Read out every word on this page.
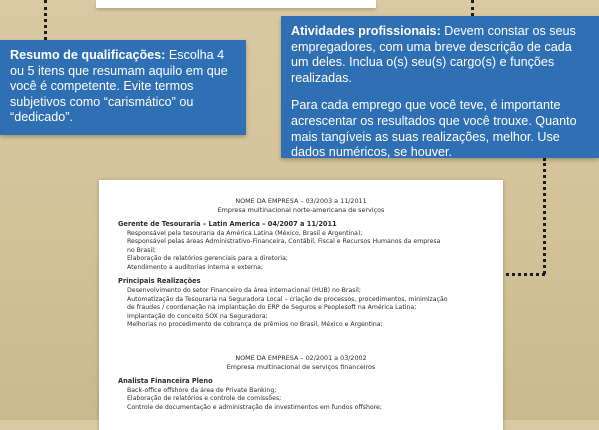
Resumo de qualificações: Escolha 4 ou 5 itens que resumam aquilo em que você é competente. Evite termos subjetivos como “carismático” ou “dedicado”.

Atividades profissionais: Devem constar os seus empregadores, com uma breve descrição de cada um deles. Inclua o(s) seu(s) cargo(s) e funções realizadas.

Para cada emprego que você teve, é importante acrescentar os resultados que você trouxe. Quanto mais tangíveis as suas realizações, melhor. Use dados numéricos, se houver.

NOME DA EMPRESA – 03/2003 a 11/2011
Empresa multinacional norte-americana de serviços
Gerente de Tesouraria – Latin America – 04/2007 a 11/2011
Responsável pela tesouraria da América Latina (México, Brasil e Argentina);
Responsável pelas áreas Administrativo-Financeira, Contábil, Fiscal e Recursos Humanos da empresa
no Brasil;
Elaboração de relatórios gerenciais para a diretoria;
Atendimento a auditorias interna e externa;
Principais Realizações
Desenvolvimento do setor Financeiro da área internacional (HUB) no Brasil;
Automatização da Tesouraria na Seguradora Local – criação de processos, procedimentos, minimização
de fraudes / coordenação na implantação do ERP de Seguros e Peoplesoft na América Latina;
Implantação do conceito SOX na Seguradora;
Melhorias no procedimento de cobrança de prêmios no Brasil, México e Argentina;
NOME DA EMPRESA – 02/2001 a 03/2002
Empresa multinacional de serviços financeiros
Analista Financeira Pleno
Back-office offshore da área de Private Banking;
Elaboração de relatórios e controle de comissões;
Controle de documentação e administração de investimentos em fundos offshore;
